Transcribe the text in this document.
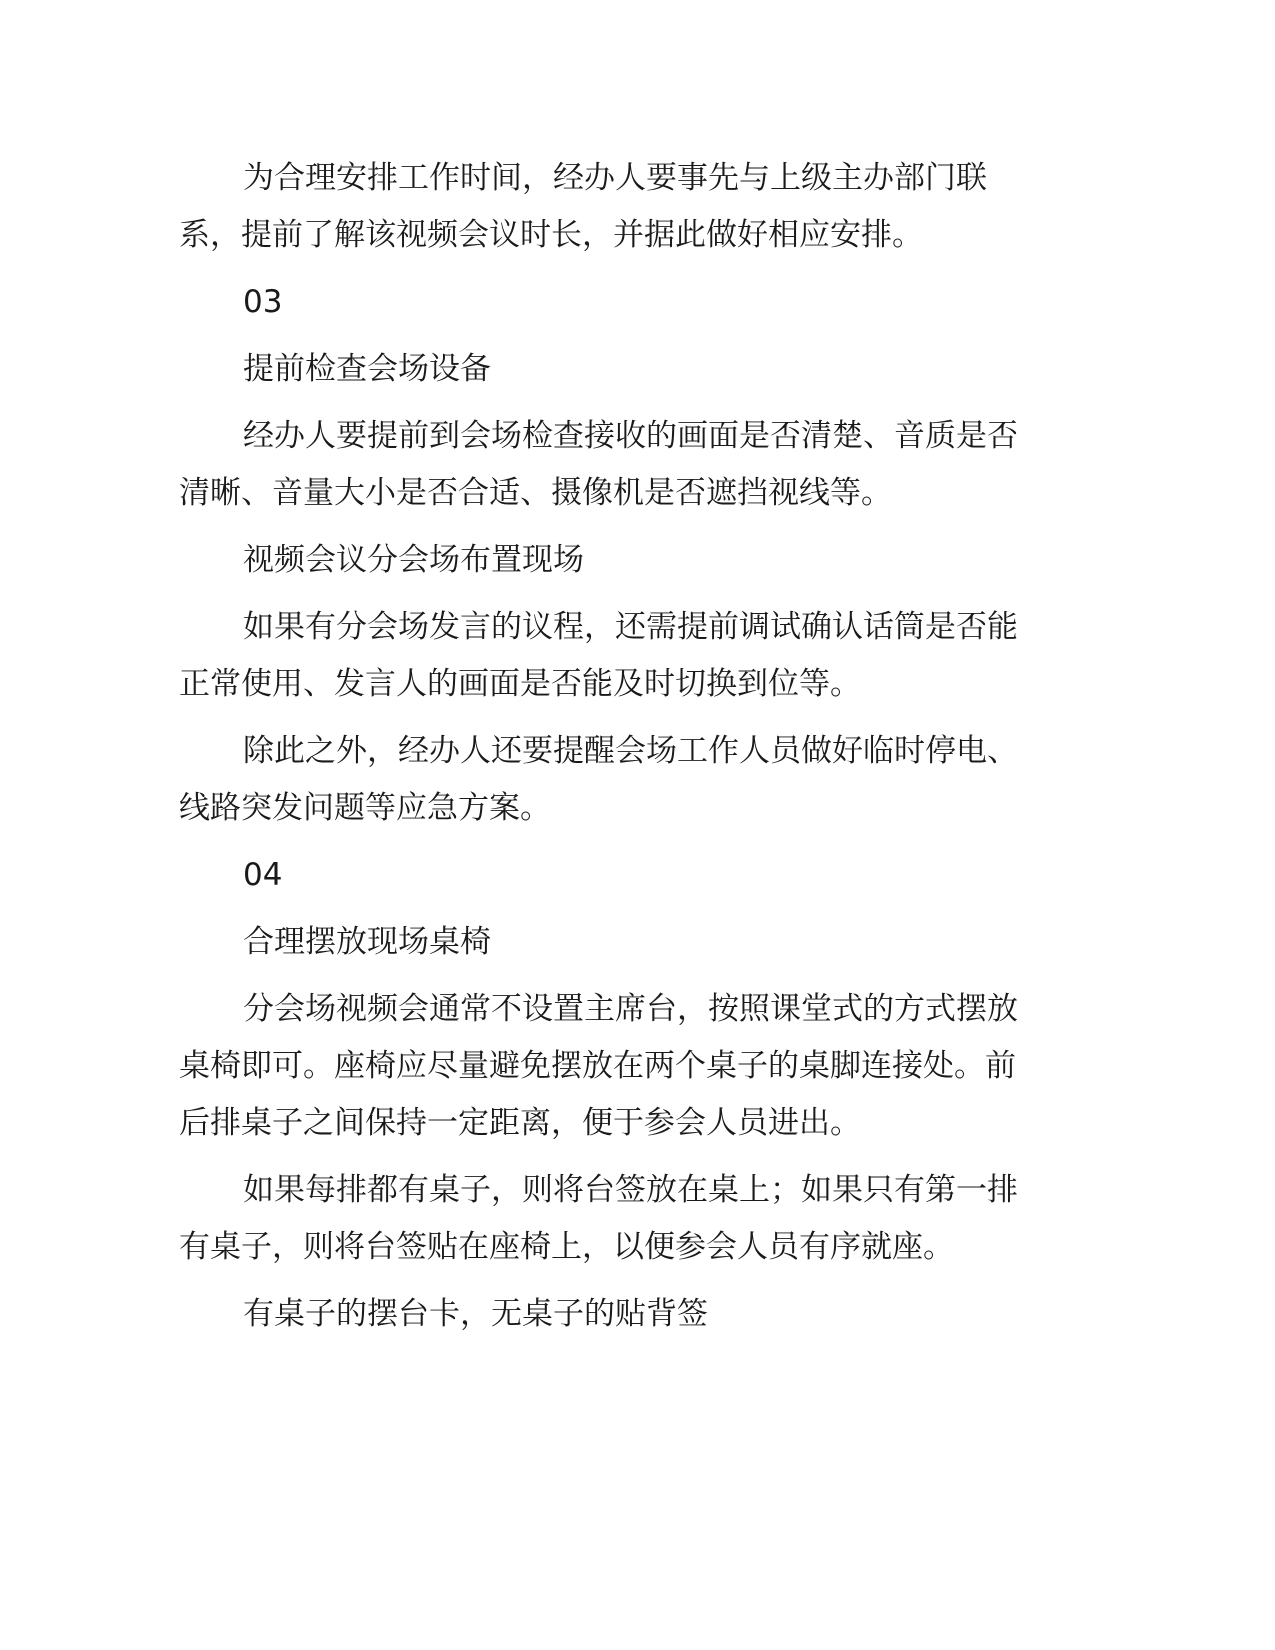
为合理安排工作时间，经办人要事先与上级主办部门联系，提前了解该视频会议时长，并据此做好相应安排。

03

提前检查会场设备

经办人要提前到会场检查接收的画面是否清楚、音质是否清晰、音量大小是否合适、摄像机是否遮挡视线等。

视频会议分会场布置现场

如果有分会场发言的议程，还需提前调试确认话筒是否能正常使用、发言人的画面是否能及时切换到位等。

除此之外，经办人还要提醒会场工作人员做好临时停电、线路突发问题等应急方案。

04

合理摆放现场桌椅

分会场视频会通常不设置主席台，按照课堂式的方式摆放桌椅即可。座椅应尽量避免摆放在两个桌子的桌脚连接处。前后排桌子之间保持一定距离，便于参会人员进出。

如果每排都有桌子，则将台签放在桌上；如果只有第一排有桌子，则将台签贴在座椅上，以便参会人员有序就座。

有桌子的摆台卡，无桌子的贴背签
